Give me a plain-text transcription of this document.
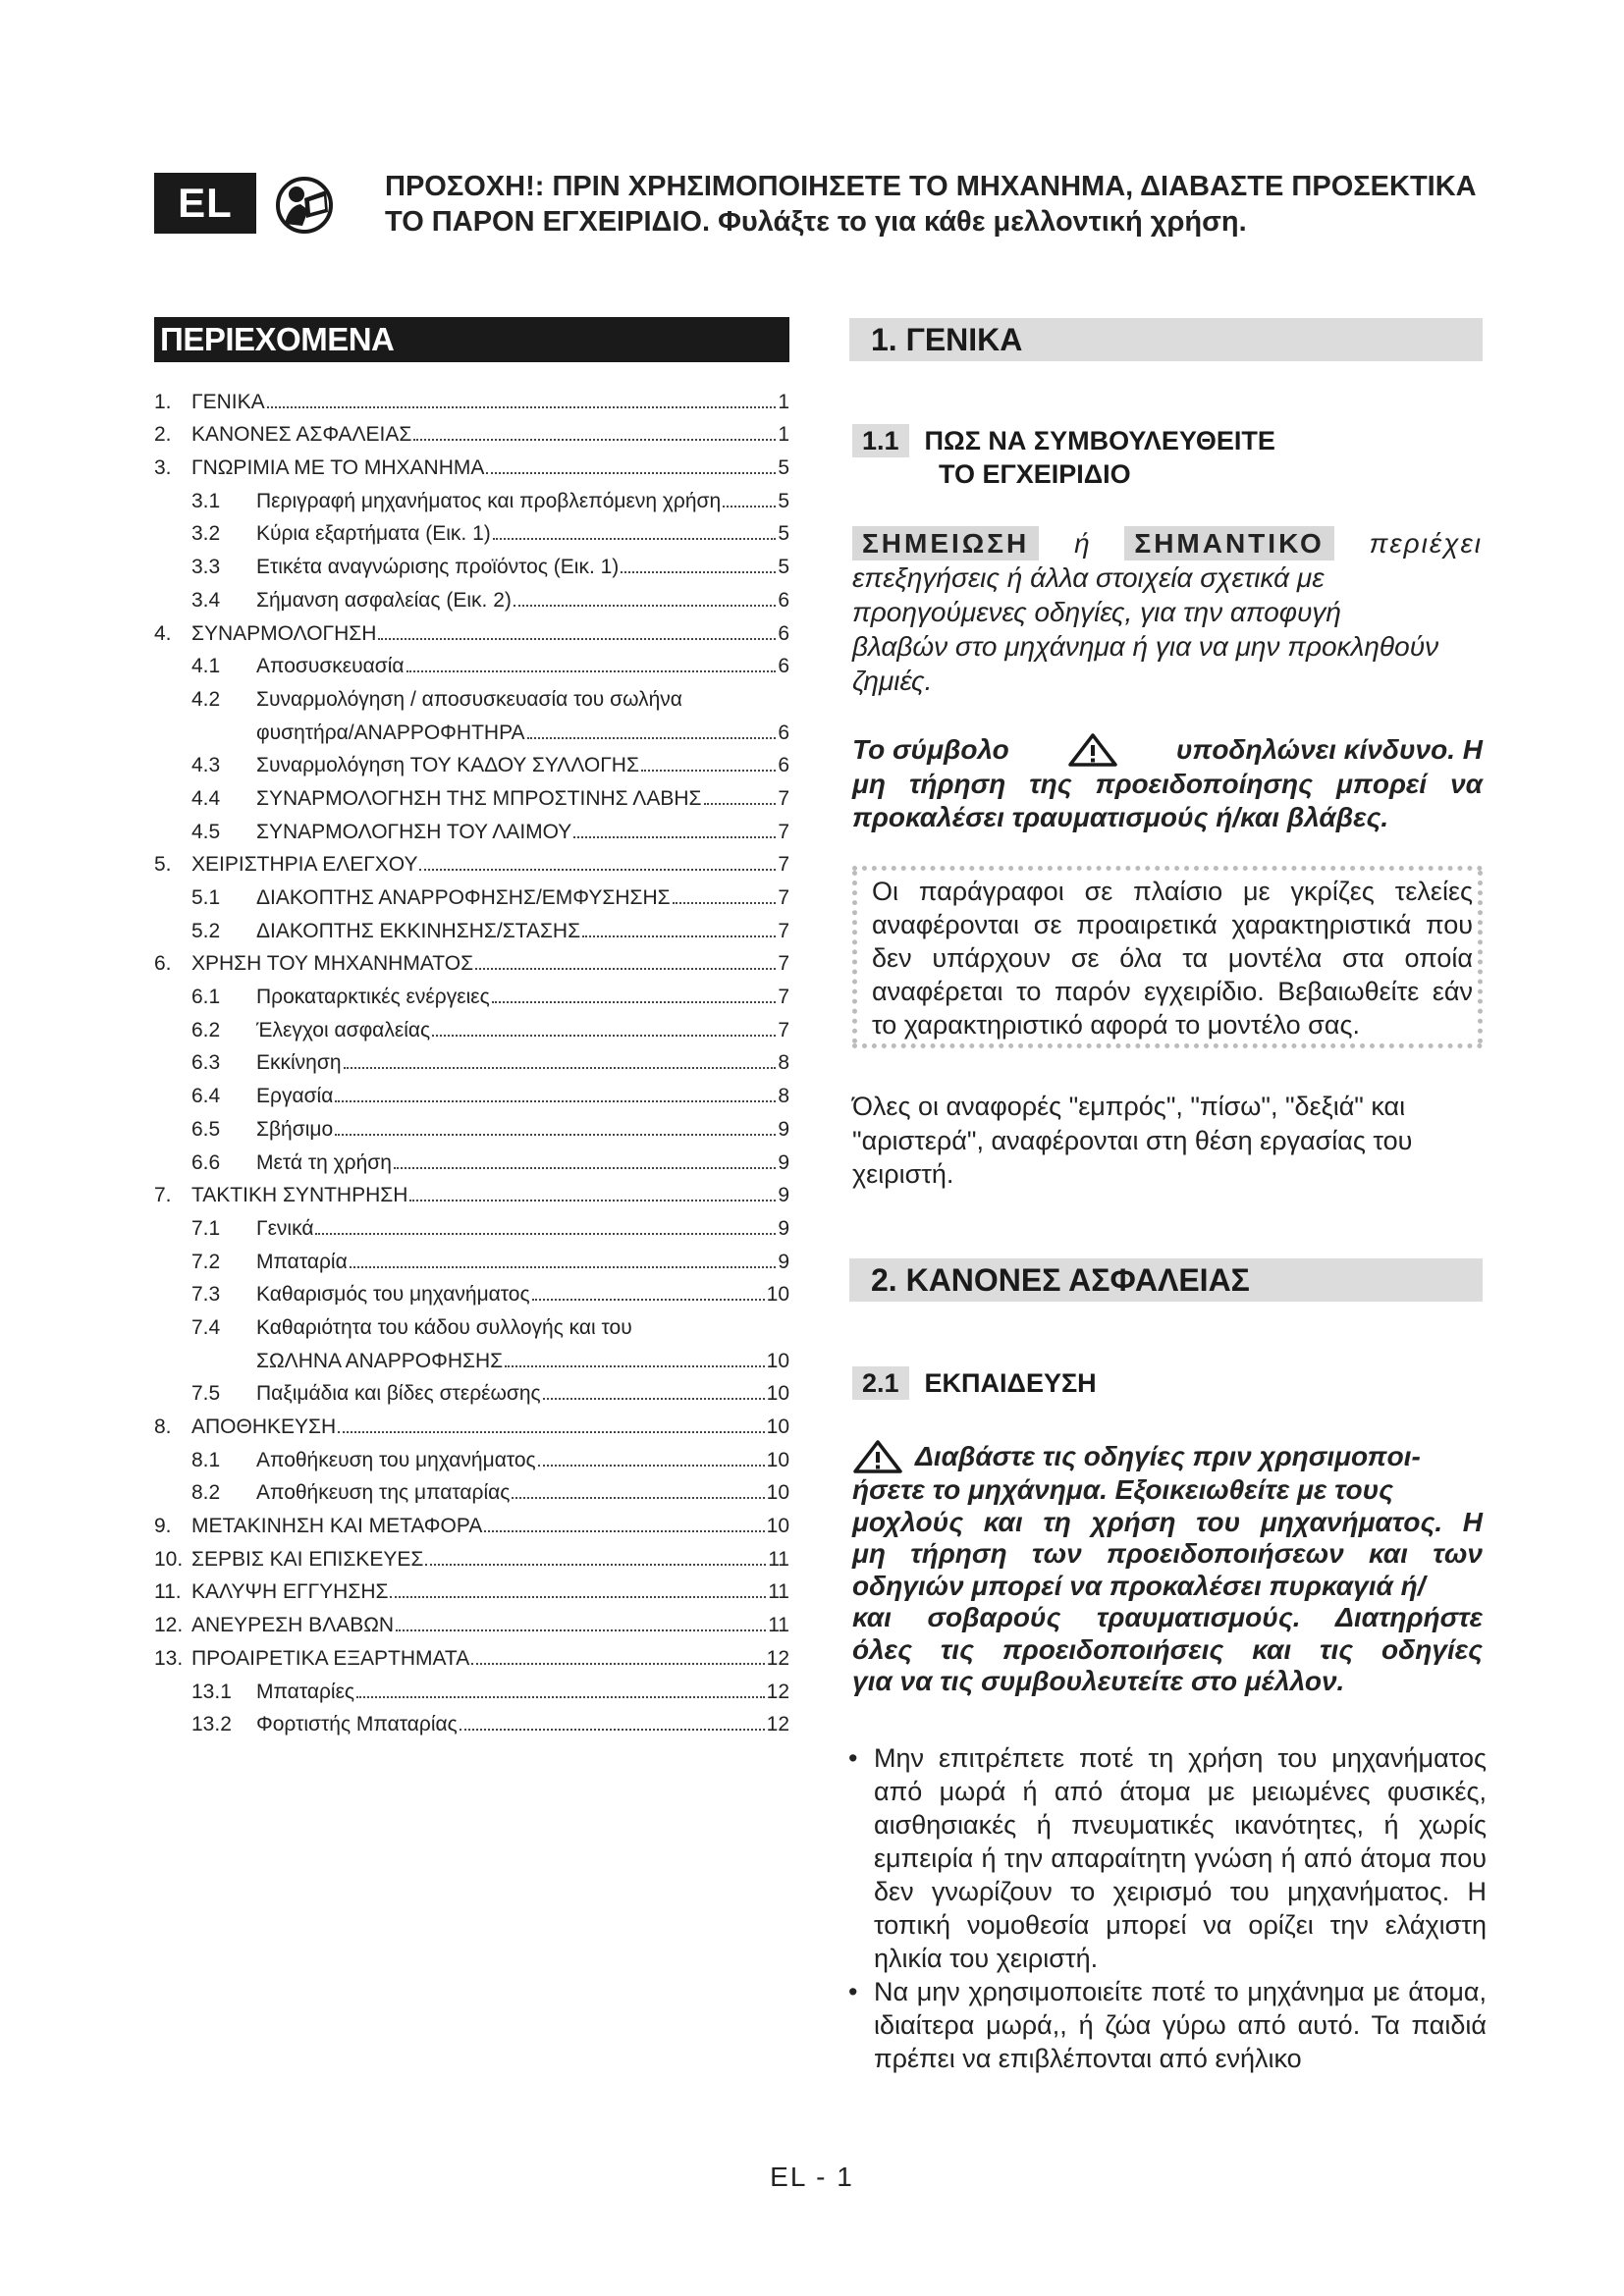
EL	ΠΡΟΣΟΧΗ!: ΠΡΙΝ ΧΡΗΣΙΜΟΠΟΙΗΣΕΤΕ ΤΟ ΜΗΧΑΝΗΜΑ, ΔΙΑΒΑΣΤΕ ΠΡΟΣΕΚΤΙΚΑ
ΤΟ ΠΑΡΟΝ ΕΓΧΕΙΡΙΔΙΟ. Φυλάξτε το για κάθε μελλοντική χρήση.
ΠΕΡΙΕΧΟΜΕΝΑ
1. ΓΕΝΙΚΑ	1
2. ΚΑΝΟΝΕΣ ΑΣΦΑΛΕΙΑΣ	1
3. ΓΝΩΡΙΜΙΑ ΜΕ ΤΟ ΜΗΧΑΝΗΜΑ	5
3.1	Περιγραφή μηχανήματος και προβλεπόμενη χρήση	5
3.2	Κύρια εξαρτήματα (Εικ. 1)	5
3.3	Ετικέτα αναγνώρισης προϊόντος (Εικ. 1)	5
3.4	Σήμανση ασφαλείας (Εικ. 2)	6
4. ΣΥΝΑΡΜΟΛΟΓΗΣΗ	6
4.1	Αποσυσκευασία	6
4.2	Συναρμολόγηση / αποσυσκευασία του σωλήνα
φυσητήρα/ΑΝΑΡΡΟΦΗΤΗΡΑ	6
4.3	Συναρμολόγηση ΤΟΥ ΚΑΔΟΥ ΣΥΛΛΟΓΗΣ	6
4.4	ΣΥΝΑΡΜΟΛΟΓΗΣΗ ΤΗΣ ΜΠΡΟΣΤΙΝΗΣ ΛΑΒΗΣ	7
4.5	ΣΥΝΑΡΜΟΛΟΓΗΣΗ ΤΟΥ ΛΑΙΜΟΥ	7
5. ΧΕΙΡΙΣΤΗΡΙΑ ΕΛΕΓΧΟΥ	7
5.1	ΔΙΑΚΟΠΤΗΣ ΑΝΑΡΡΟΦΗΣΗΣ/ΕΜΦΥΣΗΣΗΣ	7
5.2	ΔΙΑΚΟΠΤΗΣ ΕΚΚΙΝΗΣΗΣ/ΣΤΑΣΗΣ	7
6. ΧΡΗΣΗ ΤΟΥ ΜΗΧΑΝΗΜΑΤΟΣ	7
6.1	Προκαταρκτικές ενέργειες	7
6.2	Έλεγχοι ασφαλείας	7
6.3	Εκκίνηση	8
6.4	Εργασία	8
6.5	Σβήσιμο	9
6.6	Μετά τη χρήση	9
7. ΤΑΚΤΙΚΗ ΣΥΝΤΗΡΗΣΗ	9
7.1	Γενικά	9
7.2	Μπαταρία	9
7.3	Καθαρισμός του μηχανήματος	10
7.4	Καθαριότητα του κάδου συλλογής και του
ΣΩΛΗΝΑ ΑΝΑΡΡΟΦΗΣΗΣ	10
7.5	Παξιμάδια και βίδες στερέωσης	10
8. ΑΠΟΘΗΚΕΥΣΗ	10
8.1	Αποθήκευση του μηχανήματος	10
8.2	Αποθήκευση της μπαταρίας	10
9. ΜΕΤΑΚΙΝΗΣΗ ΚΑΙ ΜΕΤΑΦΟΡΑ	10
10. ΣΕΡΒΙΣ ΚΑΙ ΕΠΙΣΚΕΥΕΣ	11
11. ΚΑΛΥΨΗ ΕΓΓΥΗΣΗΣ	11
12. ΑΝΕΥΡΕΣΗ ΒΛΑΒΩΝ	11
13. ΠΡΟΑΙΡΕΤΙΚΑ ΕΞΑΡΤΗΜΑΤΑ	12
13.1	Μπαταρίες	12
13.2	Φορτιστής Μπαταρίας	12
1. ΓΕΝΙΚΑ
1.1 ΠΩΣ ΝΑ ΣΥΜΒΟΥΛΕΥΘΕΙΤΕ
ΤΟ ΕΓΧΕΙΡΙΔΙΟ
ΣΗΜΕΙΩΣΗ	ή	ΣΗΜΑΝΤΙΚΟ	περιέχει
επεξηγήσεις ή άλλα στοιχεία σχετικά με
προηγούμενες οδηγίες, για την αποφυγή
βλαβών στο μηχάνημα ή για να μην προκληθούν
ζημιές.
Το σύμβολο	υποδηλώνει κίνδυνο. Η
μη τήρηση της προειδοποίησης μπορεί να
προκαλέσει τραυματισμούς ή/και βλάβες.
Οι παράγραφοι σε πλαίσιο με γκρίζες τελείες αναφέρονται σε προαιρετικά χαρακτηριστικά που δεν υπάρχουν σε όλα τα μοντέλα στα οποία αναφέρεται το παρόν εγχειρίδιο. Βεβαιωθείτε εάν το χαρακτηριστικό αφορά το μοντέλο σας.
Όλες οι αναφορές "εμπρός", "πίσω", "δεξιά" και
"αριστερά", αναφέρονται στη θέση εργασίας του
χειριστή.
2. ΚΑΝΟΝΕΣ ΑΣΦΑΛΕΙΑΣ
2.1 ΕΚΠΑΙΔΕΥΣΗ
Διαβάστε τις οδηγίες πριν χρησιμοποι-
ήσετε το μηχάνημα. Εξοικειωθείτε με τους
μοχλούς και τη χρήση του μηχανήματος. Η
μη τήρηση των προειδοποιήσεων και των
οδηγιών μπορεί να προκαλέσει πυρκαγιά ή/
και σοβαρούς τραυματισμούς. Διατηρήστε
όλες τις προειδοποιήσεις και τις οδηγίες
για να τις συμβουλευτείτε στο μέλλον.
• Μην επιτρέπετε ποτέ τη χρήση του μηχανήματος από μωρά ή από άτομα με μειωμένες φυσικές, αισθησιακές ή πνευματικές ικανότητες, ή χωρίς εμπειρία ή την απαραίτητη γνώση ή από άτομα που δεν γνωρίζουν το χειρισμό του μηχανήματος. Η τοπική νομοθεσία μπορεί να ορίζει την ελάχιστη ηλικία του χειριστή.
• Να μην χρησιμοποιείτε ποτέ το μηχάνημα με άτομα, ιδιαίτερα μωρά,, ή ζώα γύρω από αυτό. Τα παιδιά πρέπει να επιβλέπονται από ενήλικο
EL - 1
